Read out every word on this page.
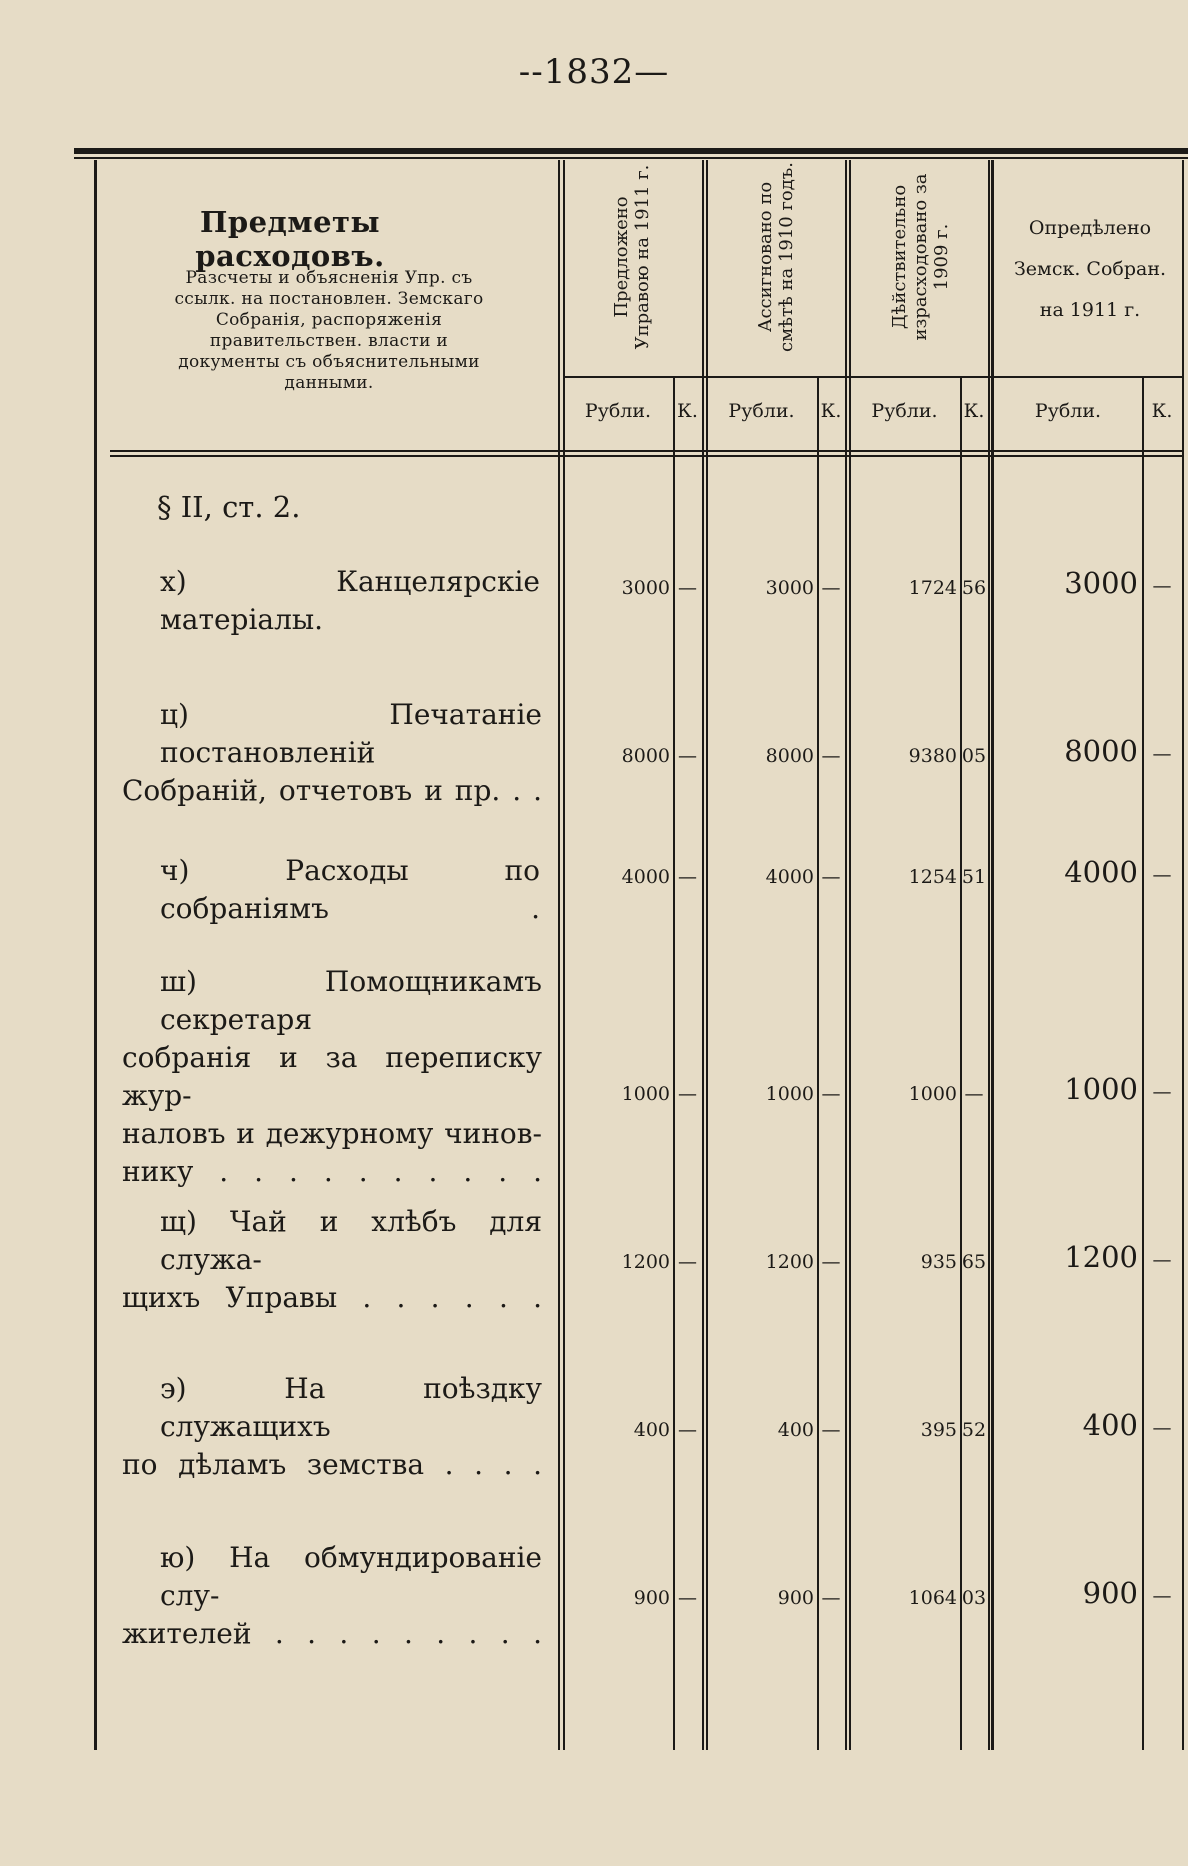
--1832—
Предметы расходовъ.
Разсчеты и объясненія Упр. съ ссылк. на постановлен. Земскаго Собранія, распоряженія правительствен. власти и документы съ объяснительными данными.
Предложено Управою на 1911 г.	Ассигновано по смѣтѣ на 1910 годъ.	Дѣйствительно израсходовано за 1909 г.	Опредѣлено
Земск. Собран.
на 1911 г.
Рубли.	К.	Рубли.	К.	Рубли.	К.	Рубли.	К.
§ II, ст. 2.
х) Канцелярскіе матеріалы.
3000 —	3000 —	1724 56	3000 —
ц) Печатаніе постановленій
Собраній, отчетовъ и пр. . .
8000 —	8000 —	9380 05	8000 —
ч) Расходы по собраніямъ .
4000 —	4000 —	1254 51	4000 —
ш) Помощникамъ секретаря
собранія и за переписку жур-
наловъ и дежурному чинов-
нику . . . . . . . . . .
1000 —	1000 —	1000 —	1000 —
щ) Чай и хлѣбъ для служа-
щихъ Управы . . . . . .
1200 —	1200 —	935 65	1200 —
э) На поѣздку служащихъ
по дѣламъ земства . . . .
400 —	400 —	395 52	400 —
ю) На обмундированіе слу-
жителей . . . . . . . . .
900 —	900 —	1064 03	900 —
